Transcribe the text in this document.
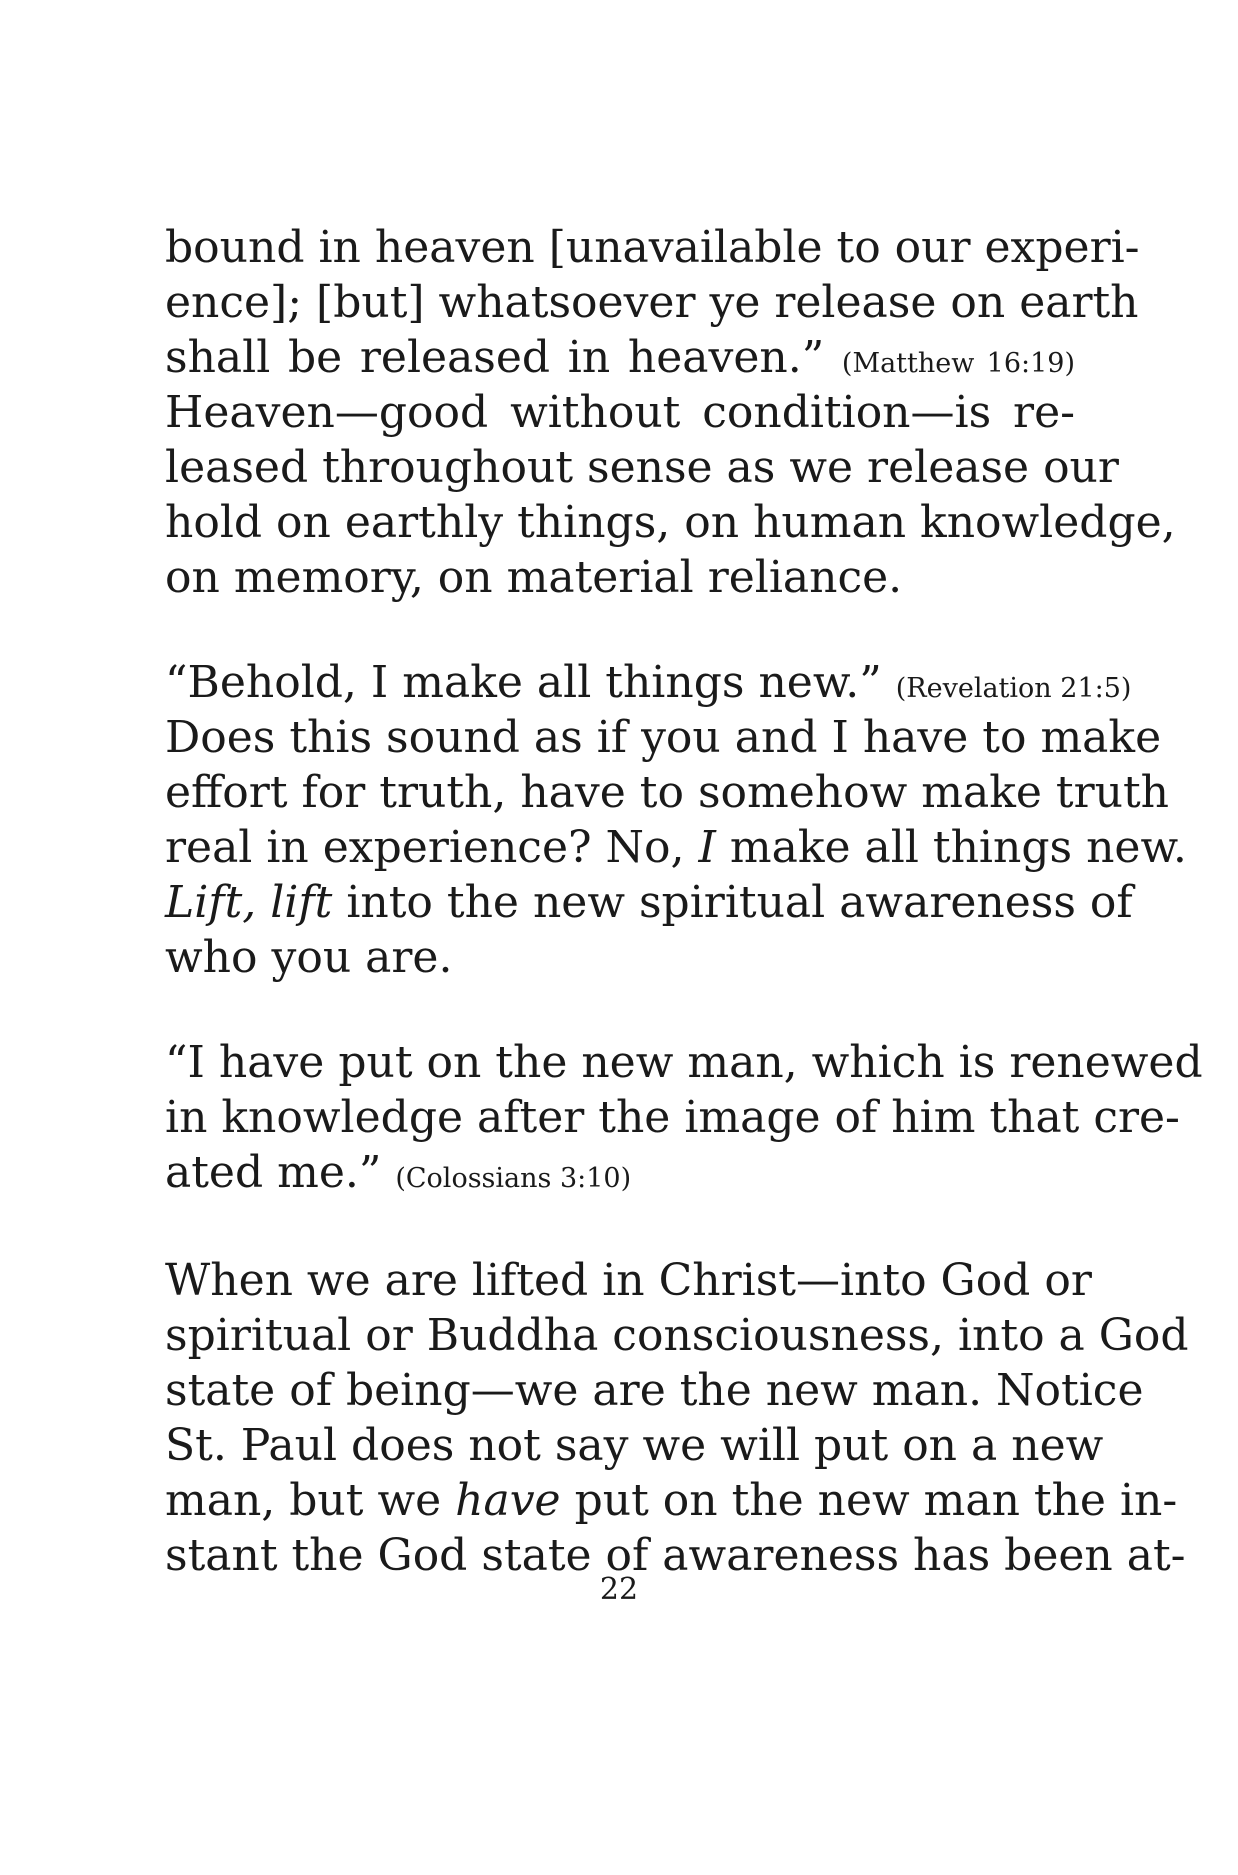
bound in heaven [unavailable to our experi-
ence]; [but] whatsoever ye release on earth
shall be released in heaven.” (Matthew 16:19)
Heaven—good without condition—is re-
leased throughout sense as we release our
hold on earthly things, on human knowledge,
on memory, on material reliance.

“Behold, I make all things new.” (Revelation 21:5)
Does this sound as if you and I have to make
effort for truth, have to somehow make truth
real in experience? No, I make all things new.
Lift, lift into the new spiritual awareness of
who you are.

“I have put on the new man, which is renewed
in knowledge after the image of him that cre-
ated me.” (Colossians 3:10)

When we are lifted in Christ—into God or
spiritual or Buddha consciousness, into a God
state of being—we are the new man. Notice
St. Paul does not say we will put on a new
man, but we have put on the new man the in-
stant the God state of awareness has been at-

22
